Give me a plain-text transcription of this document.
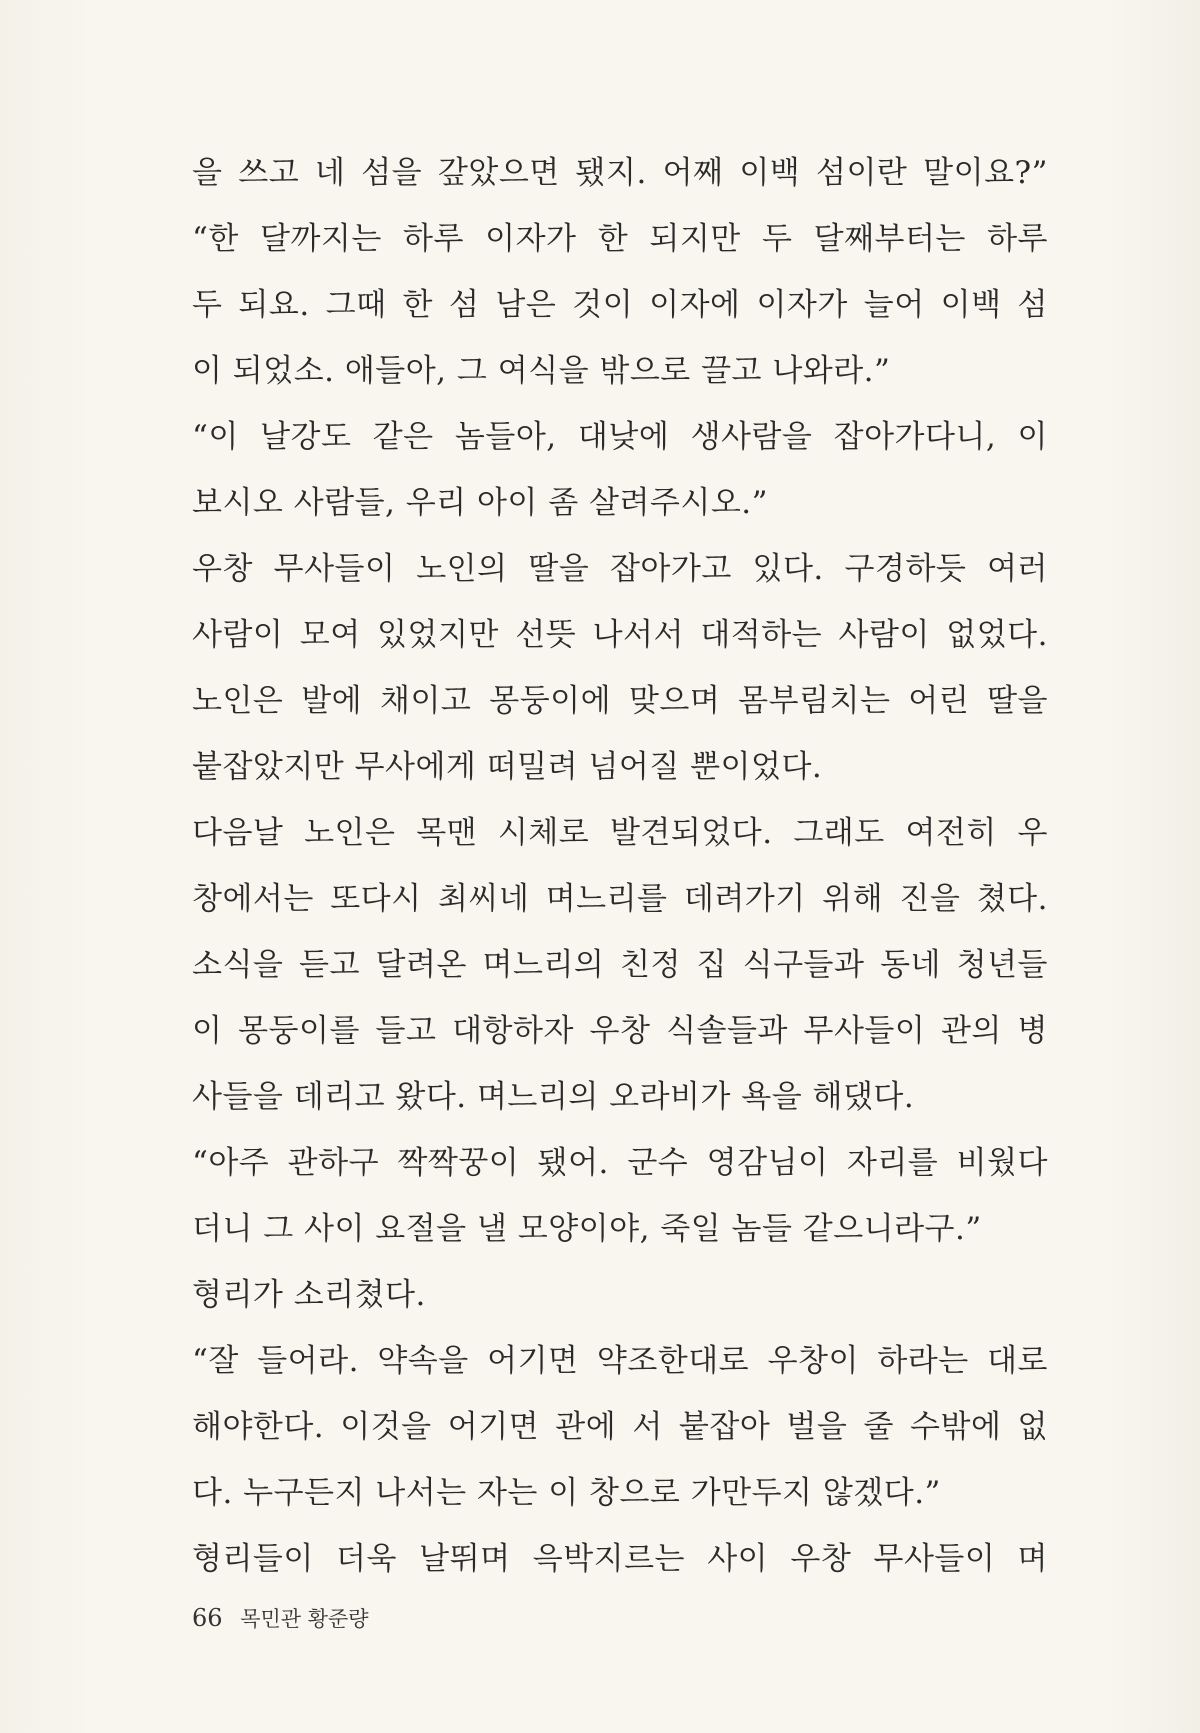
을 쓰고 네 섬을 갚았으면 됐지. 어째 이백 섬이란 말이요?”
“한 달까지는 하루 이자가 한 되지만 두 달째부터는 하루
두 되요. 그때 한 섬 남은 것이 이자에 이자가 늘어 이백 섬
이 되었소. 애들아, 그 여식을 밖으로 끌고 나와라.”
“이 날강도 같은 놈들아, 대낮에 생사람을 잡아가다니, 이
보시오 사람들, 우리 아이 좀 살려주시오.”
우창 무사들이 노인의 딸을 잡아가고 있다. 구경하듯 여러
사람이 모여 있었지만 선뜻 나서서 대적하는 사람이 없었다.
노인은 발에 채이고 몽둥이에 맞으며 몸부림치는 어린 딸을
붙잡았지만 무사에게 떠밀려 넘어질 뿐이었다.
다음날 노인은 목맨 시체로 발견되었다. 그래도 여전히 우
창에서는 또다시 최씨네 며느리를 데려가기 위해 진을 쳤다.
소식을 듣고 달려온 며느리의 친정 집 식구들과 동네 청년들
이 몽둥이를 들고 대항하자 우창 식솔들과 무사들이 관의 병
사들을 데리고 왔다. 며느리의 오라비가 욕을 해댔다.
“아주 관하구 짝짝꿍이 됐어. 군수 영감님이 자리를 비웠다
더니 그 사이 요절을 낼 모양이야, 죽일 놈들 같으니라구.”
형리가 소리쳤다.
“잘 들어라. 약속을 어기면 약조한대로 우창이 하라는 대로
해야한다. 이것을 어기면 관에 서 붙잡아 벌을 줄 수밖에 없
다. 누구든지 나서는 자는 이 창으로 가만두지 않겠다.”
형리들이 더욱 날뛰며 윽박지르는 사이 우창 무사들이 며
66 목민관 황준량
